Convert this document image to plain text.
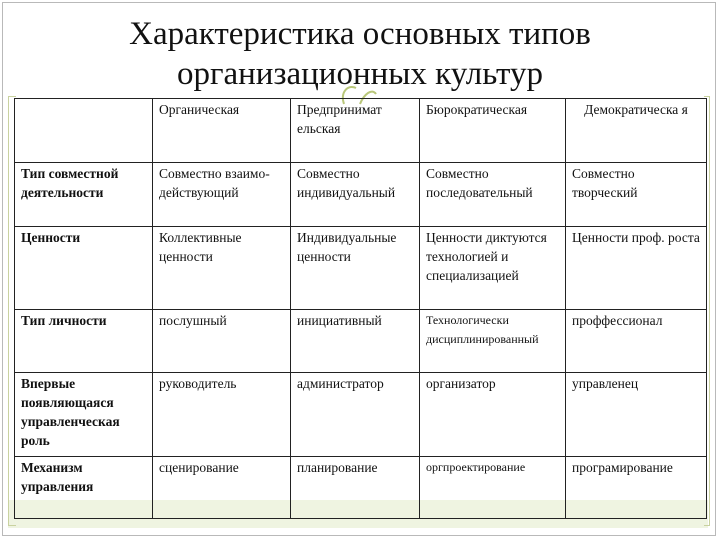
Характеристика основных типов
организационных культур
	Органическая	Предпринимат ельская	Бюрократическая	Демократическа я
Тип совместной деятельности	Совместно взаимо-действующий	Совместно индивидуальный	Совместно последовательный	Совместно творческий
Ценности	Коллективные ценности	Индивидуальные ценности	Ценности диктуются технологией и специализацией	Ценности проф. роста
Тип личности	послушный	инициативный	Технологически дисциплинированный	проффессионал
Впервые появляющаяся управленческая роль	руководитель	администратор	организатор	управленец
Механизм управления	сценирование	планирование	оргпроектирование	програмирование
